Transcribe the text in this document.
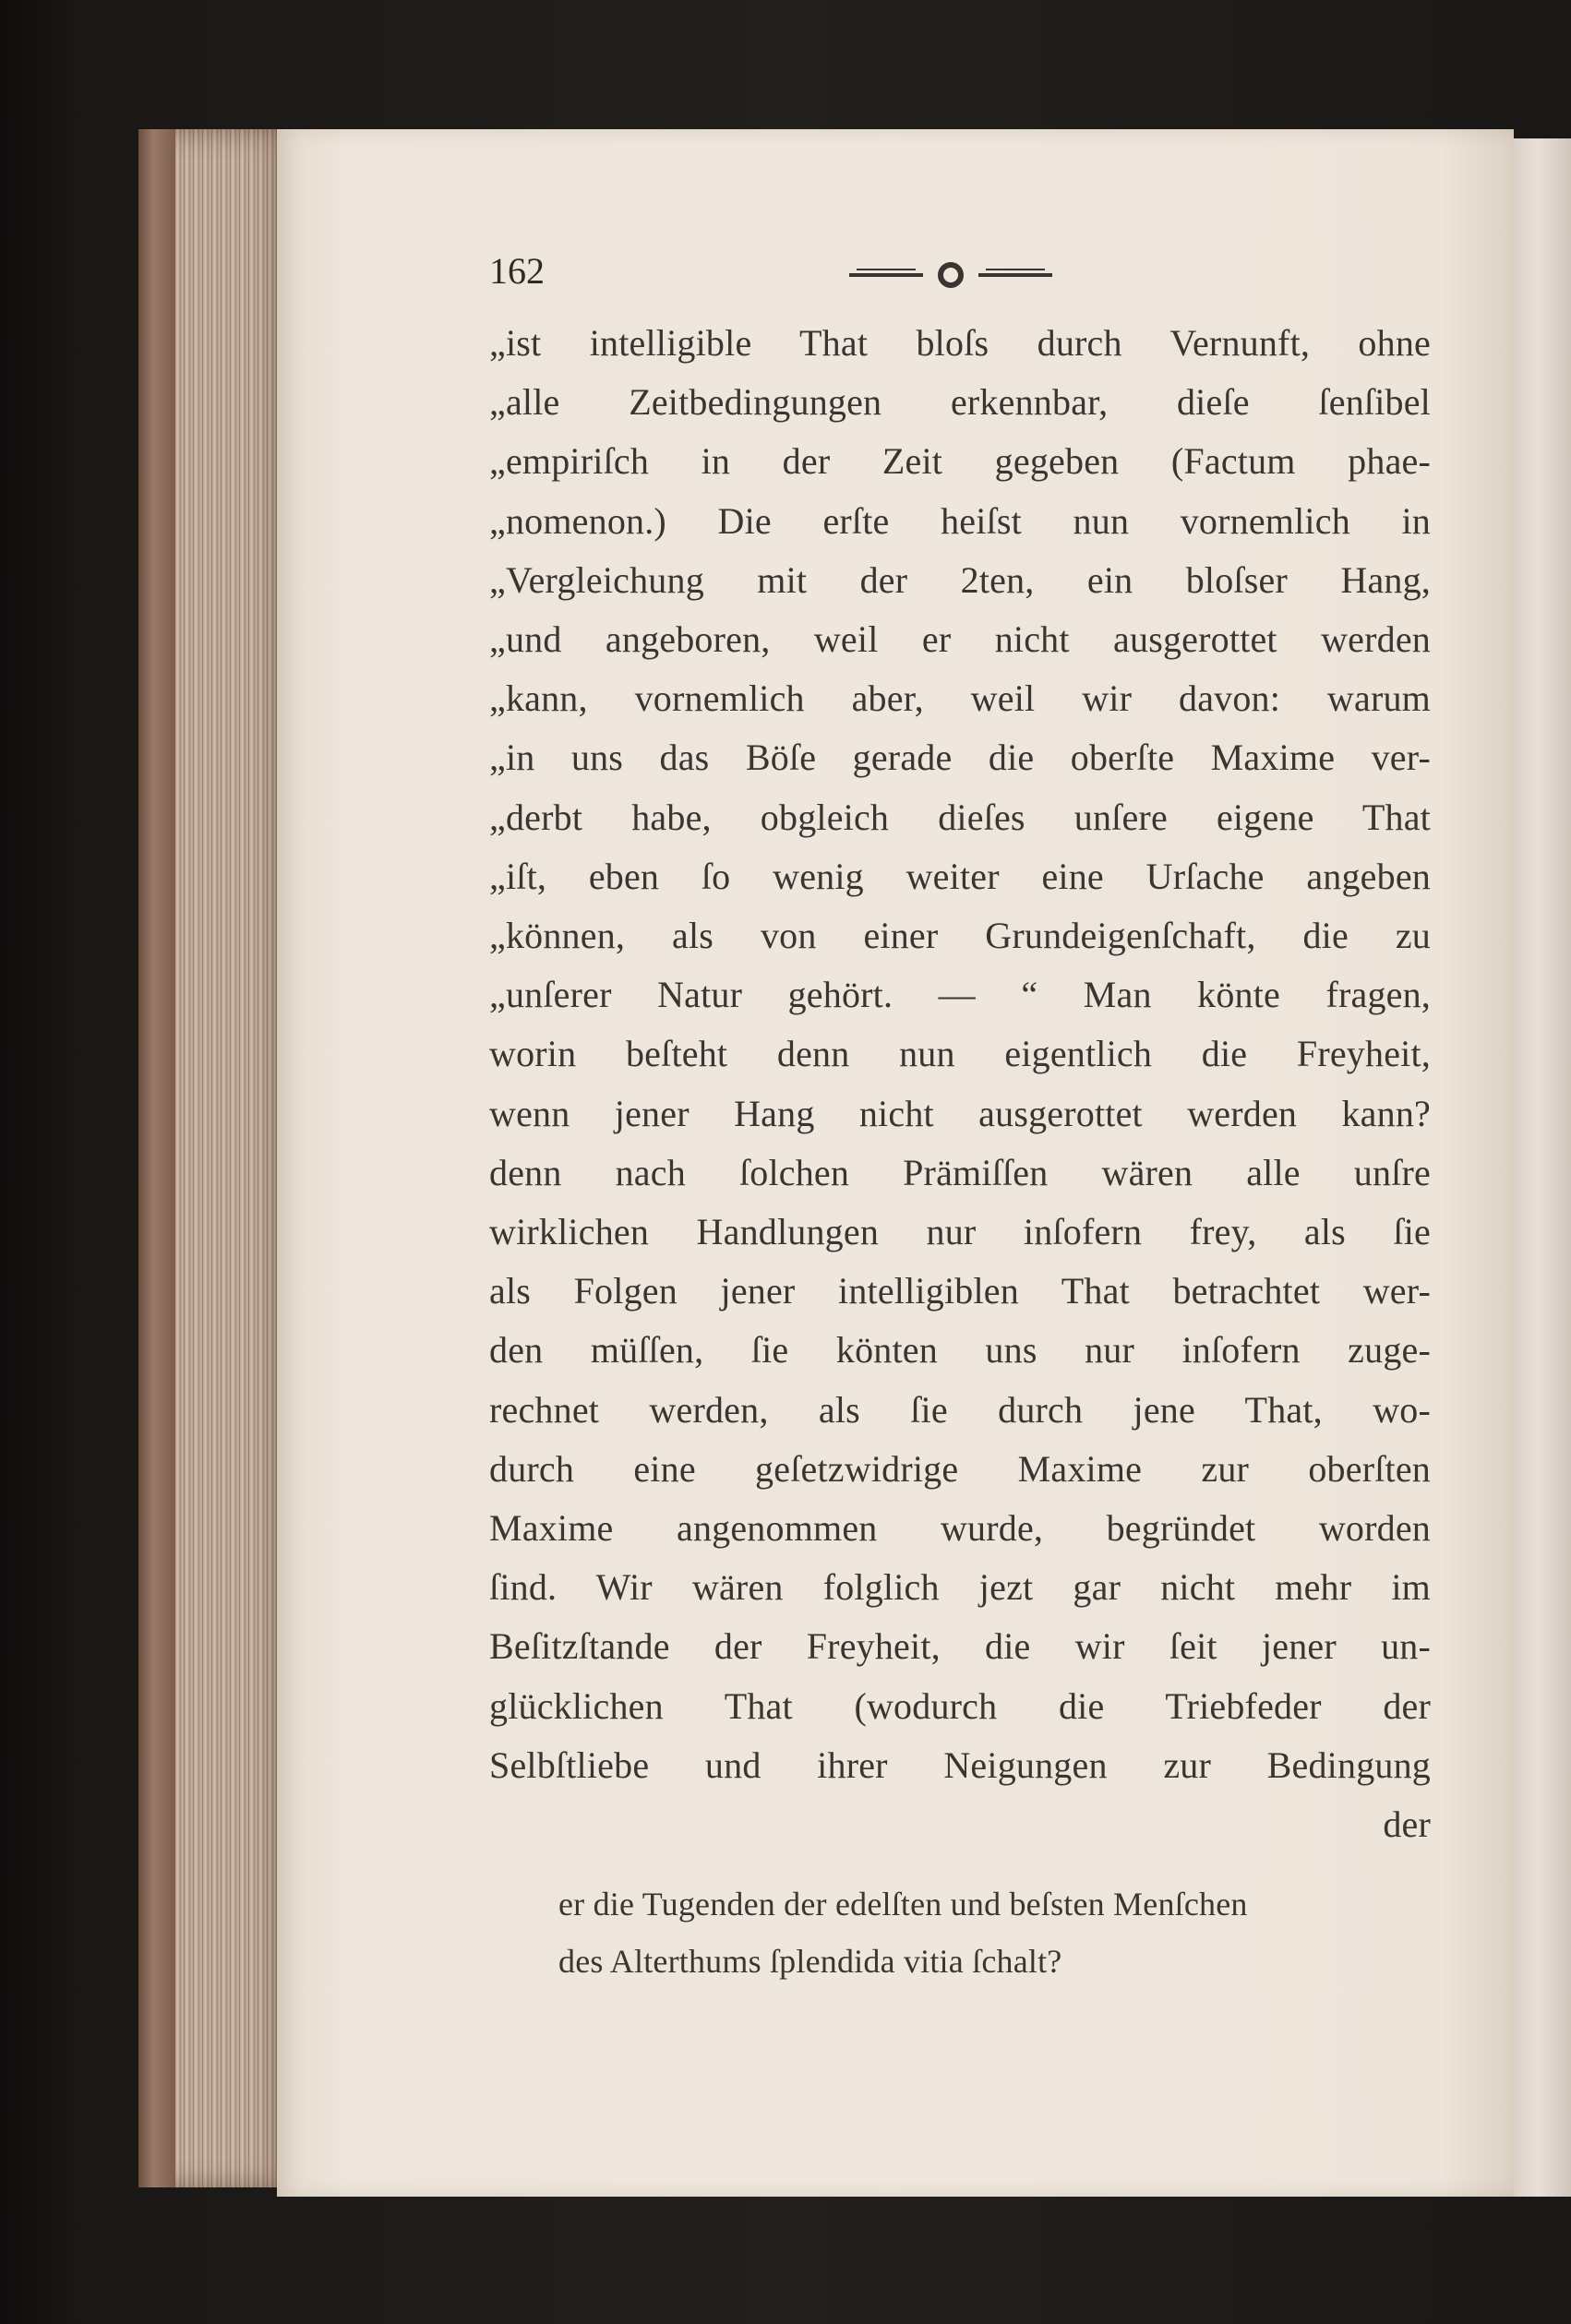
162
„ist intelligible That bloſs durch Vernunft, ohne
„alle Zeitbedingungen erkennbar, dieſe ſenſibel
„empiriſch in der Zeit gegeben (Factum phae-
„nomenon.) Die erſte heiſst nun vornemlich in
„Vergleichung mit der 2ten, ein bloſser Hang,
„und angeboren, weil er nicht ausgerottet werden
„kann, vornemlich aber, weil wir davon: warum
„in uns das Böſe gerade die oberſte Maxime ver-
„derbt habe, obgleich dieſes unſere eigene That
„iſt, eben ſo wenig weiter eine Urſache angeben
„können, als von einer Grundeigenſchaft, die zu
„unſerer Natur gehört. — “ Man könte fragen,
worin beſteht denn nun eigentlich die Freyheit,
wenn jener Hang nicht ausgerottet werden kann?
denn nach ſolchen Prämiſſen wären alle unſre
wirklichen Handlungen nur inſofern frey, als ſie
als Folgen jener intelligiblen That betrachtet wer-
den müſſen, ſie könten uns nur inſofern zuge-
rechnet werden, als ſie durch jene That, wo-
durch eine geſetzwidrige Maxime zur oberſten
Maxime angenommen wurde, begründet worden
ſind. Wir wären folglich jezt gar nicht mehr im
Beſitzſtande der Freyheit, die wir ſeit jener un-
glücklichen That (wodurch die Triebfeder der
Selbſtliebe und ihrer Neigungen zur Bedingung
der
er die Tugenden der edelſten und beſsten Menſchen
des Alterthums ſplendida vitia ſchalt?
